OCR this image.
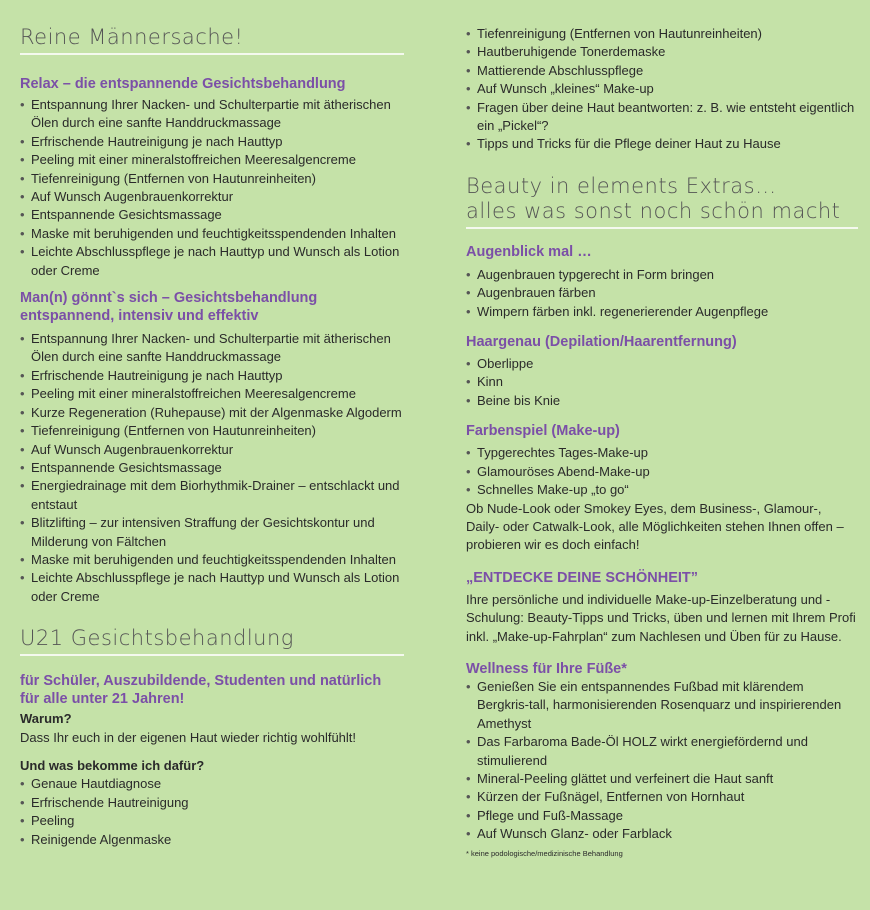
Reine Männersache!
Relax – die entspannende Gesichtsbehandlung
• Entspannung Ihrer Nacken- und Schulterpartie mit ätherischen Ölen durch eine sanfte Handdruckmassage
• Erfrischende Hautreinigung je nach Hauttyp
• Peeling mit einer mineralstoffreichen Meeresalgencreme
• Tiefenreinigung (Entfernen von Hautunreinheiten)
• Auf Wunsch Augenbrauenkorrektur
• Entspannende Gesichtsmassage
• Maske mit beruhigenden und feuchtigkeitsspendenden Inhalten
• Leichte Abschlusspflege je nach Hauttyp und Wunsch als Lotion oder Creme
Man(n) gönnt`s sich – Gesichtsbehandlung entspannend, intensiv und effektiv
• Entspannung Ihrer Nacken- und Schulterpartie mit ätherischen Ölen durch eine sanfte Handdruckmassage
• Erfrischende Hautreinigung je nach Hauttyp
• Peeling mit einer mineralstoffreichen Meeresalgencreme
• Kurze Regeneration (Ruhepause) mit der Algenmaske Algoderm
• Tiefenreinigung (Entfernen von Hautunreinheiten)
• Auf Wunsch Augenbrauenkorrektur
• Entspannende Gesichtsmassage
• Energiedrainage mit dem Biorhythmik-Drainer – entschlackt und entstaut
• Blitzlifting – zur intensiven Straffung der Gesichtskontur und Milderung von Fältchen
• Maske mit beruhigenden und feuchtigkeitsspendenden Inhalten
• Leichte Abschlusspflege je nach Hauttyp und Wunsch als Lotion oder Creme
U21 Gesichtsbehandlung
für Schüler, Auszubildende, Studenten und natürlich für alle unter 21 Jahren!

Warum?

Dass Ihr euch in der eigenen Haut wieder richtig wohlfühlt!

Und was bekomme ich dafür?

• Genaue Hautdiagnose
• Erfrischende Hautreinigung
• Peeling
• Reinigende Algenmaske
• Tiefenreinigung (Entfernen von Hautunreinheiten)
• Hautberuhigende Tonerdemaske
• Mattierende Abschlusspflege
• Auf Wunsch „kleines“ Make-up
• Fragen über deine Haut beantworten: z. B. wie entsteht eigentlich ein „Pickel“?
• Tipps und Tricks für die Pflege deiner Haut zu Hause
Beauty in elements Extras…
alles was sonst noch schön macht
Augenblick mal …
• Augenbrauen typgerecht in Form bringen
• Augenbrauen färben
• Wimpern färben inkl. regenerierender Augenpflege
Haargenau (Depilation/Haarentfernung)
• Oberlippe
• Kinn
• Beine bis Knie
Farbenspiel (Make-up)
• Typgerechtes Tages-Make-up
• Glamouröses Abend-Make-up
• Schnelles Make-up „to go“

Ob Nude-Look oder Smokey Eyes, dem Business-, Glamour-, Daily- oder Catwalk-Look, alle Möglichkeiten stehen Ihnen offen – probieren wir es doch einfach!

„ENTDECKE DEINE SCHÖNHEIT”

Ihre persönliche und individuelle Make-up-Einzelberatung und -Schulung: Beauty-Tipps und Tricks, üben und lernen mit Ihrem Profi inkl. „Make-up-Fahrplan“ zum Nachlesen und Üben für zu Hause.

Wellness für Ihre Füße*
• Genießen Sie ein entspannendes Fußbad mit klärendem Bergkris-tall, harmonisierenden Rosenquarz und inspirierenden Amethyst
• Das Farbaroma Bade-Öl HOLZ wirkt energiefördernd und stimulierend
• Mineral-Peeling glättet und verfeinert die Haut sanft
• Kürzen der Fußnägel, Entfernen von Hornhaut
• Pflege und Fuß-Massage
• Auf Wunsch Glanz- oder Farblack

* keine podologische/medizinische Behandlung
